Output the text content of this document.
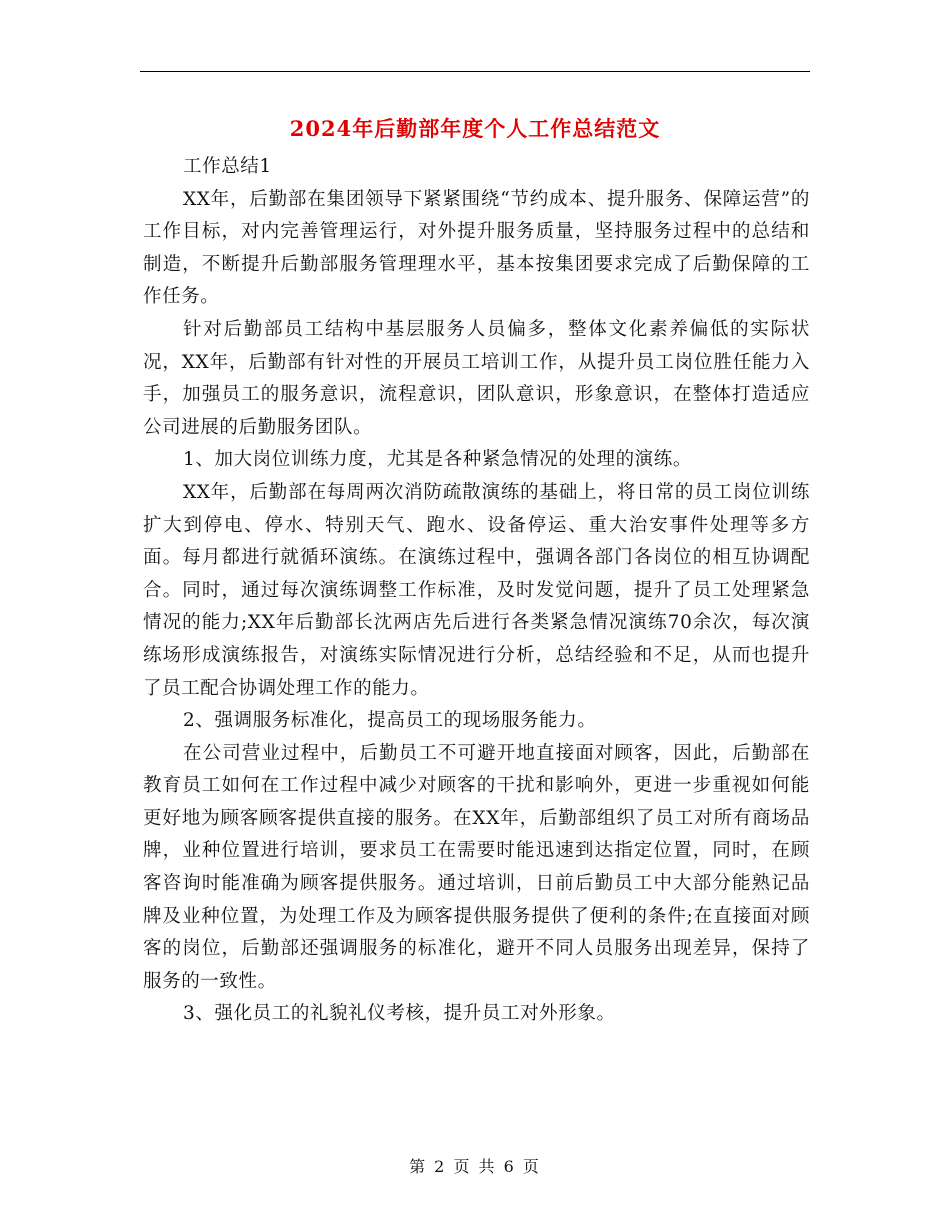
2024年后勤部年度个人工作总结范文

工作总结1

XX年，后勤部在集团领导下紧紧围绕“节约成本、提升服务、保障运营”的工作目标，对内完善管理运行，对外提升服务质量，坚持服务过程中的总结和制造，不断提升后勤部服务管理理水平，基本按集团要求完成了后勤保障的工作任务。

针对后勤部员工结构中基层服务人员偏多，整体文化素养偏低的实际状况，XX年，后勤部有针对性的开展员工培训工作，从提升员工岗位胜任能力入手，加强员工的服务意识，流程意识，团队意识，形象意识，在整体打造适应公司进展的后勤服务团队。

1、加大岗位训练力度，尤其是各种紧急情况的处理的演练。

XX年，后勤部在每周两次消防疏散演练的基础上，将日常的员工岗位训练扩大到停电、停水、特别天气、跑水、设备停运、重大治安事件处理等多方面。每月都进行就循环演练。在演练过程中，强调各部门各岗位的相互协调配合。同时，通过每次演练调整工作标准，及时发觉问题，提升了员工处理紧急情况的能力;XX年后勤部长沈两店先后进行各类紧急情况演练70余次，每次演练场形成演练报告，对演练实际情况进行分析，总结经验和不足，从而也提升了员工配合协调处理工作的能力。

2、强调服务标准化，提高员工的现场服务能力。

在公司营业过程中，后勤员工不可避开地直接面对顾客，因此，后勤部在教育员工如何在工作过程中减少对顾客的干扰和影响外，更进一步重视如何能更好地为顾客顾客提供直接的服务。在XX年，后勤部组织了员工对所有商场品牌，业种位置进行培训，要求员工在需要时能迅速到达指定位置，同时，在顾客咨询时能准确为顾客提供服务。通过培训，日前后勤员工中大部分能熟记品牌及业种位置，为处理工作及为顾客提供服务提供了便利的条件;在直接面对顾客的岗位，后勤部还强调服务的标准化，避开不同人员服务出现差异，保持了服务的一致性。

3、强化员工的礼貌礼仪考核，提升员工对外形象。

第 2 页 共 6 页
